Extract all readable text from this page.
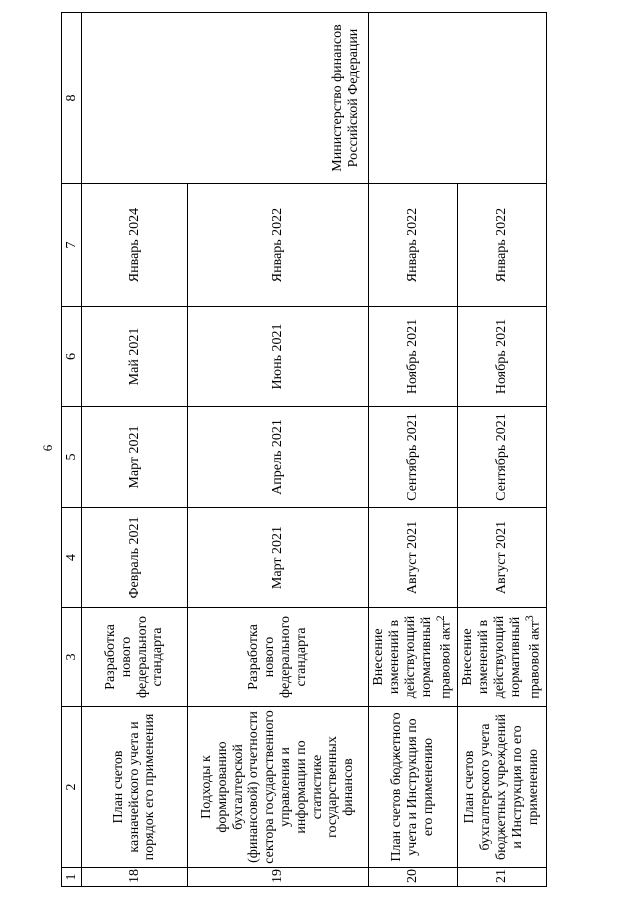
6
1	2	3	4	5	6	7	8
18	План счетов казначейского учета и порядок его применения	Разработка нового федерального стандарта	Февраль 2021	Март 2021	Май 2021	Январь 2024	Министерство финансов Российской Федерации
19	Подходы к формированию бухгалтерской (финансовой) отчетности сектора государственного управления и информации по статистике государственных финансов	Разработка нового федерального стандарта	Март 2021	Апрель 2021	Июнь 2021	Январь 2022	
20	План счетов бюджетного учета и Инструкция по его применению	Внесение изменений в действующий нормативный правовой акт$^2$	Август 2021	Сентябрь 2021	Ноябрь 2021	Январь 2022	
21	План счетов бухгалтерского учета бюджетных учреждений и Инструкция по его применению	Внесение изменений в действующий нормативный правовой акт$^3$	Август 2021	Сентябрь 2021	Ноябрь 2021	Январь 2022	
